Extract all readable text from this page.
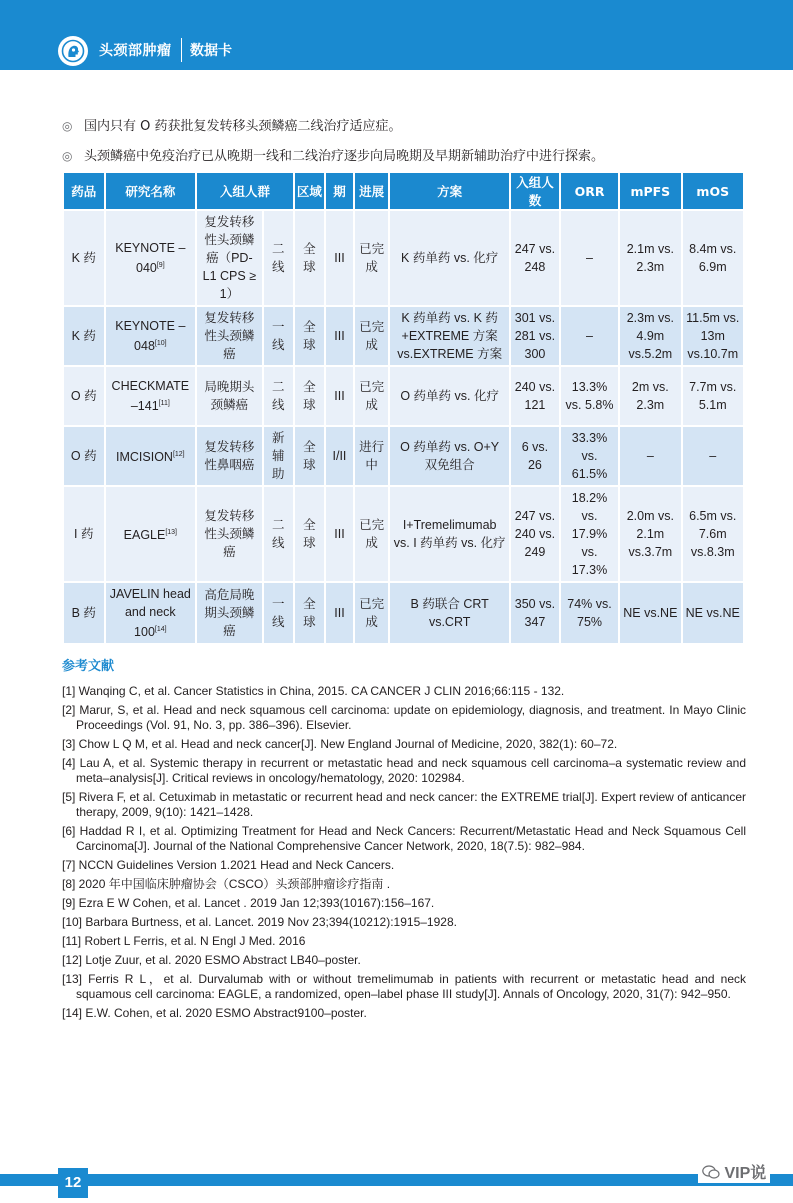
头颈部肿瘤 数据卡
◎ 国内只有 O 药获批复发转移头颈鳞癌二线治疗适应症。
◎ 头颈鳞癌中免疫治疗已从晚期一线和二线治疗逐步向局晚期及早期新辅助治疗中进行探索。
药品	研究名称	入组人群		区域	期	进展	方案	入组人数	ORR	mPFS	mOS
K 药	KEYNOTE –040[9]	复发转移性头颈鳞癌（PD-L1 CPS ≥ 1）	二线	全球	III	已完成	K 药单药 vs. 化疗	247 vs. 248	–	2.1m vs. 2.3m	8.4m vs. 6.9m
K 药	KEYNOTE –048[10]	复发转移性头颈鳞癌	一线	全球	III	已完成	K 药单药 vs. K 药 +EXTREME 方案 vs.EXTREME 方案	301 vs. 281 vs. 300	–	2.3m vs. 4.9m vs.5.2m	11.5m vs. 13m vs.10.7m
O 药	CHECKMATE –141[11]	局晚期头颈鳞癌	二线	全球	III	已完成	O 药单药 vs. 化疗	240 vs. 121	13.3% vs. 5.8%	2m vs. 2.3m	7.7m vs. 5.1m
O 药	IMCISION[12]	复发转移性鼻咽癌	新辅助	全球	I/II	进行中	O 药单药 vs. O+Y 双免组合	6 vs. 26	33.3% vs. 61.5%	–	–
I 药	EAGLE[13]	复发转移性头颈鳞癌	二线	全球	III	已完成	I+Tremelimumab vs. I 药单药 vs. 化疗	247 vs. 240 vs. 249	18.2% vs. 17.9% vs. 17.3%	2.0m vs. 2.1m vs.3.7m	6.5m vs. 7.6m vs.8.3m
B 药	JAVELIN head and neck 100[14]	高危局晚期头颈鳞癌	一线	全球	III	已完成	B 药联合 CRT vs.CRT	350 vs. 347	74% vs. 75%	NE vs.NE	NE vs.NE
参考文献
[1] Wanqing C, et al. Cancer Statistics in China, 2015. CA CANCER J CLIN 2016;66:115 - 132.
[2] Marur, S, et al. Head and neck squamous cell carcinoma: update on epidemiology, diagnosis, and treatment. In Mayo Clinic Proceedings (Vol. 91, No. 3, pp. 386–396). Elsevier.
[3] Chow L Q M, et al. Head and neck cancer[J]. New England Journal of Medicine, 2020, 382(1): 60–72.
[4] Lau A, et al. Systemic therapy in recurrent or metastatic head and neck squamous cell carcinoma–a systematic review and meta–analysis[J]. Critical reviews in oncology/hematology, 2020: 102984.
[5] Rivera F, et al. Cetuximab in metastatic or recurrent head and neck cancer: the EXTREME trial[J]. Expert review of anticancer therapy, 2009, 9(10): 1421–1428.
[6] Haddad R I, et al. Optimizing Treatment for Head and Neck Cancers: Recurrent/Metastatic Head and Neck Squamous Cell Carcinoma[J]. Journal of the National Comprehensive Cancer Network, 2020, 18(7.5): 982–984.
[7] NCCN Guidelines Version 1.2021 Head and Neck Cancers.
[8] 2020 年中国临床肿瘤协会（CSCO）头颈部肿瘤诊疗指南 .
[9] Ezra E W Cohen, et al. Lancet . 2019 Jan 12;393(10167):156–167.
[10] Barbara Burtness, et al. Lancet. 2019 Nov 23;394(10212):1915–1928.
[11] Robert L Ferris, et al. N Engl J Med. 2016
[12] Lotje Zuur, et al. 2020 ESMO Abstract LB40–poster.
[13] Ferris R L，et al. Durvalumab with or without tremelimumab in patients with recurrent or metastatic head and neck squamous cell carcinoma: EAGLE, a randomized, open–label phase III study[J]. Annals of Oncology, 2020, 31(7): 942–950.
[14] E.W. Cohen, et al. 2020 ESMO Abstract9100–poster.
12
VIP说
